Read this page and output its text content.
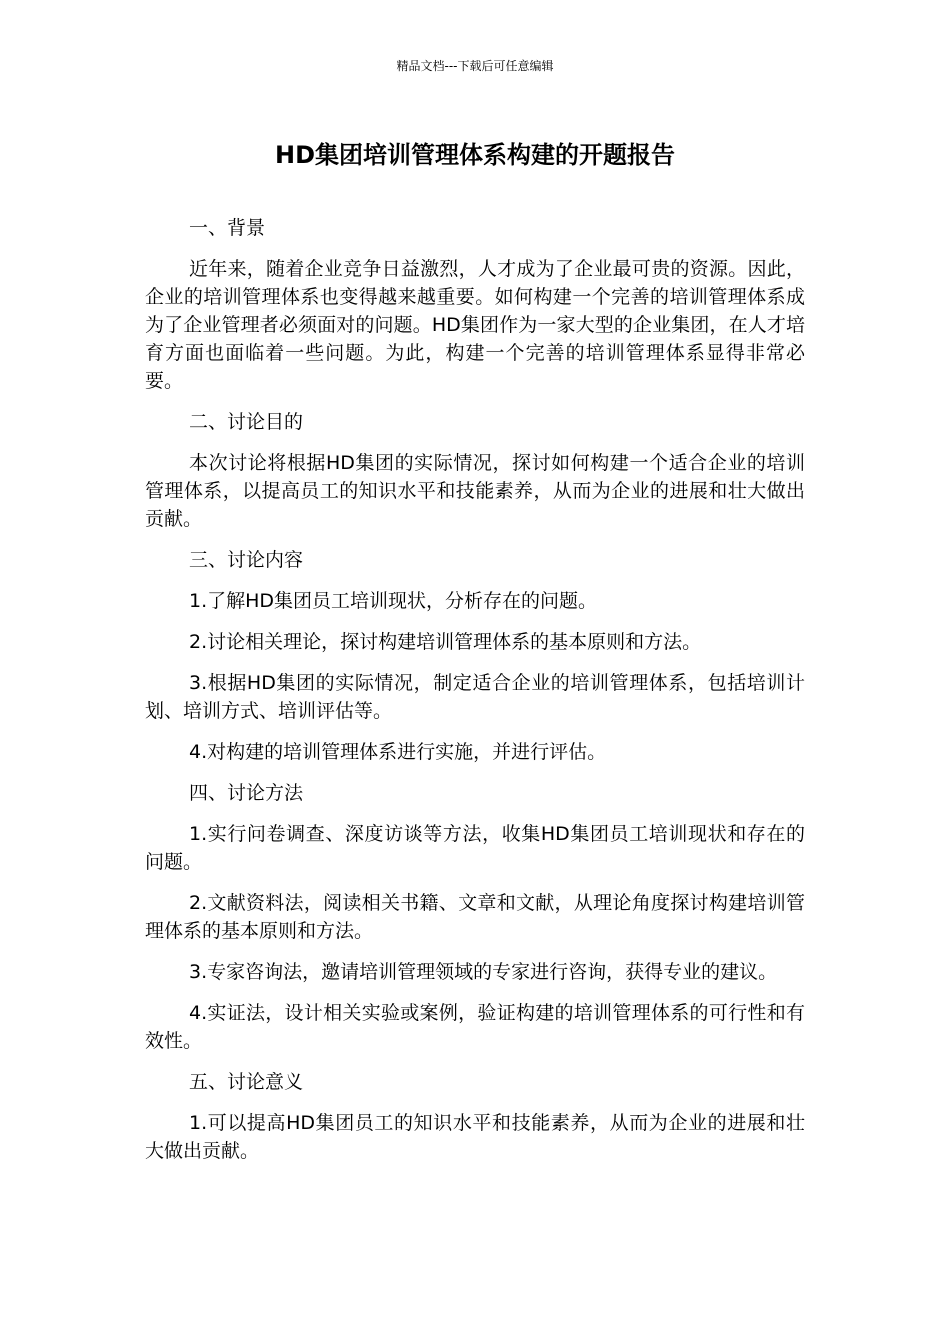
精品文档---下载后可任意编辑
HD集团培训管理体系构建的开题报告

一、背景

近年来，随着企业竞争日益激烈，人才成为了企业最可贵的资源。因此，企业的培训管理体系也变得越来越重要。如何构建一个完善的培训管理体系成为了企业管理者必须面对的问题。HD集团作为一家大型的企业集团，在人才培育方面也面临着一些问题。为此，构建一个完善的培训管理体系显得非常必要。

二、讨论目的

本次讨论将根据HD集团的实际情况，探讨如何构建一个适合企业的培训管理体系，以提高员工的知识水平和技能素养，从而为企业的进展和壮大做出贡献。

三、讨论内容

1.了解HD集团员工培训现状，分析存在的问题。

2.讨论相关理论，探讨构建培训管理体系的基本原则和方法。

3.根据HD集团的实际情况，制定适合企业的培训管理体系，包括培训计划、培训方式、培训评估等。

4.对构建的培训管理体系进行实施，并进行评估。

四、讨论方法

1.实行问卷调查、深度访谈等方法，收集HD集团员工培训现状和存在的问题。

2.文献资料法，阅读相关书籍、文章和文献，从理论角度探讨构建培训管理体系的基本原则和方法。

3.专家咨询法，邀请培训管理领域的专家进行咨询，获得专业的建议。

4.实证法，设计相关实验或案例，验证构建的培训管理体系的可行性和有效性。

五、讨论意义

1.可以提高HD集团员工的知识水平和技能素养，从而为企业的进展和壮大做出贡献。
